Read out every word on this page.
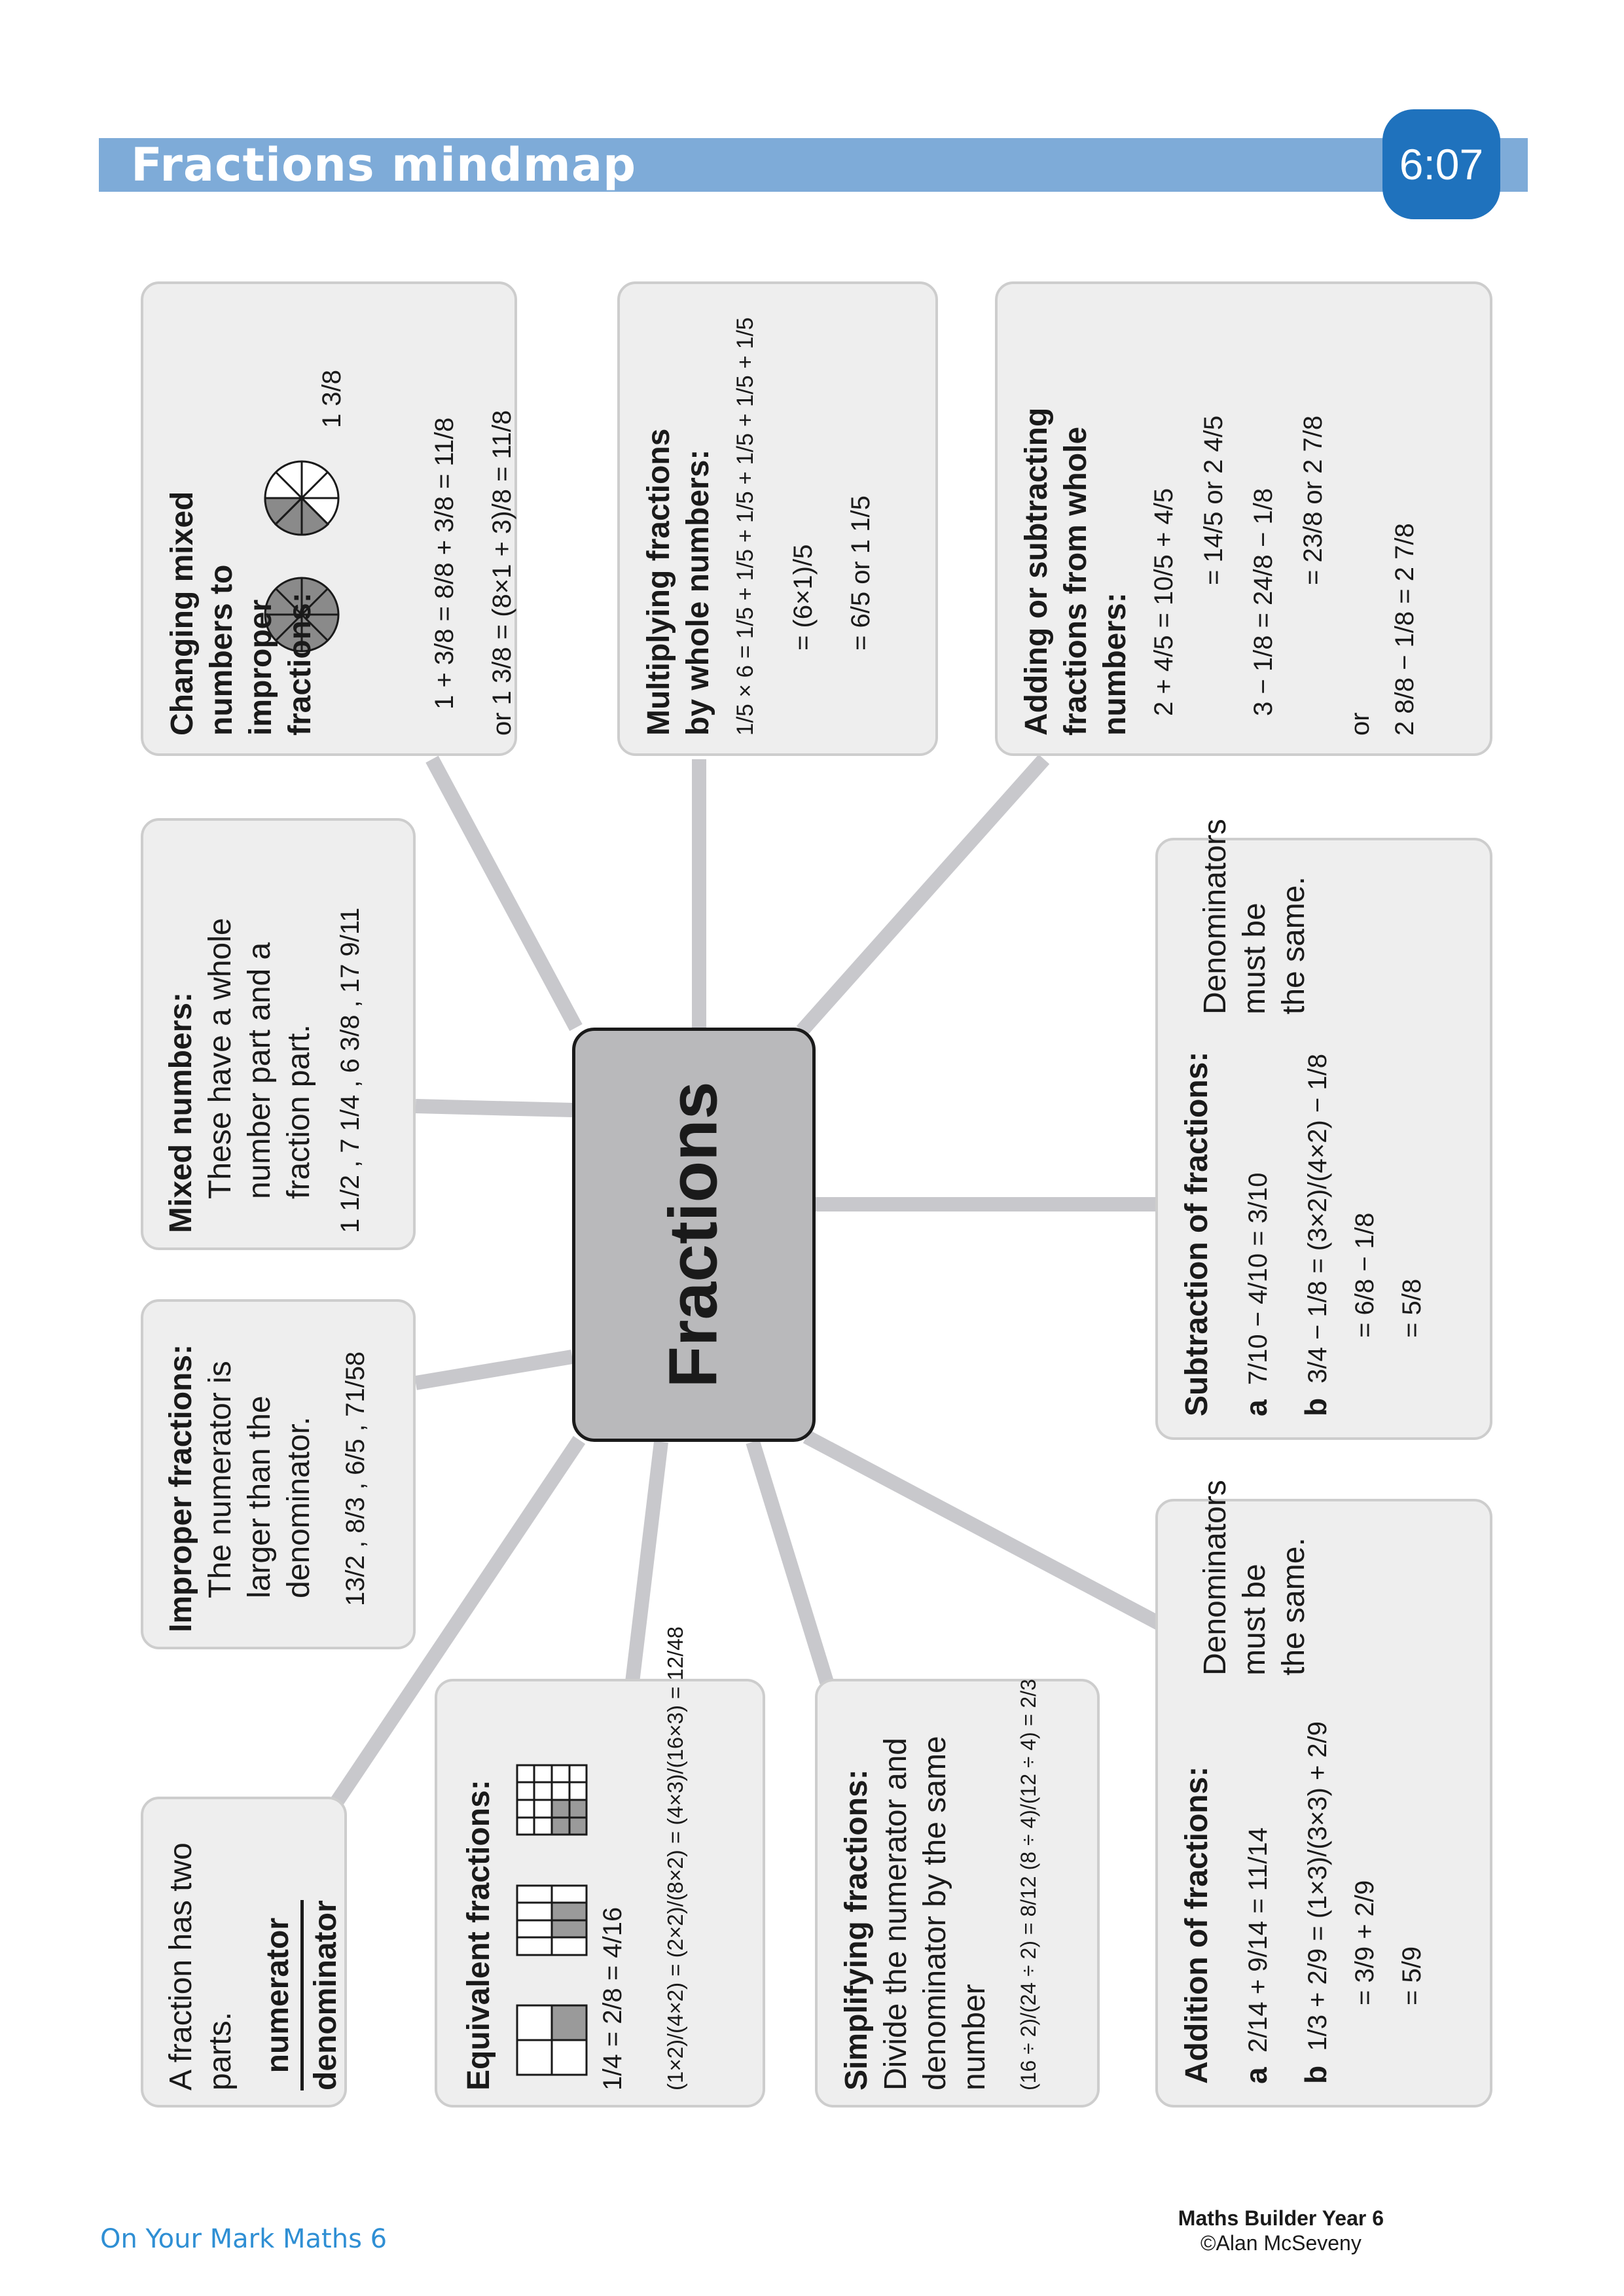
Fractions mindmap	6:07
Fractions

A fraction has two parts. numerator denominator	Equivalent fractions:	1/4 = 2/8 = 4/16 (1×2)/(4×2) = (2×2)/(8×2) = (4×3)/(16×3) = 12/48	Simplifying fractions: Divide the numerator and denominator by the same number (16 ÷ 2)/(24 ÷ 2) = 8/12 (8 ÷ 4)/(12 ÷ 4) = 2/3	Addition of fractions: a  2/14 + 9/14 = 11/14

b  1/3 + 2/9 = (1×3)/(3×3) + 2/9 = 3/9 + 2/9 = 5/9

Denominators must be the same.

Improper fractions: The numerator is larger than the denominator. 13/2 , 8/3 , 6/5 , 71/58

Mixed numbers: These have a whole number part and a fraction part. 1 1/2 , 7 1/4 , 6 3/8 , 17 9/11	Subtraction of fractions: a  7/10 − 4/10 = 3/10

b  3/4 − 1/8 = (3×2)/(4×2) − 1/8 = 6/8 − 1/8 = 5/8

Denominators must be the same.

Changing mixed numbers to improper fractions:

1 3/8

1 + 3/8 = 8/8 + 3/8 = 11/8 or 1 3/8 = (8×1 + 3)/8 = 11/8	Multiplying fractions by whole numbers: 1/5 × 6 = 1/5 + 1/5 + 1/5 + 1/5 + 1/5 + 1/5 = (6×1)/5 = 6/5 or 1 1/5	Adding or subtracting fractions from whole numbers: 2 + 4/5 = 10/5 + 4/5 = 14/5 or 2 4/5 3 − 1/8 = 24/8 − 1/8 = 23/8 or 2 7/8

or 2 8/8 − 1/8 = 2 7/8

On Your Mark Maths 6
Maths Builder Year 6
©Alan McSeveny
